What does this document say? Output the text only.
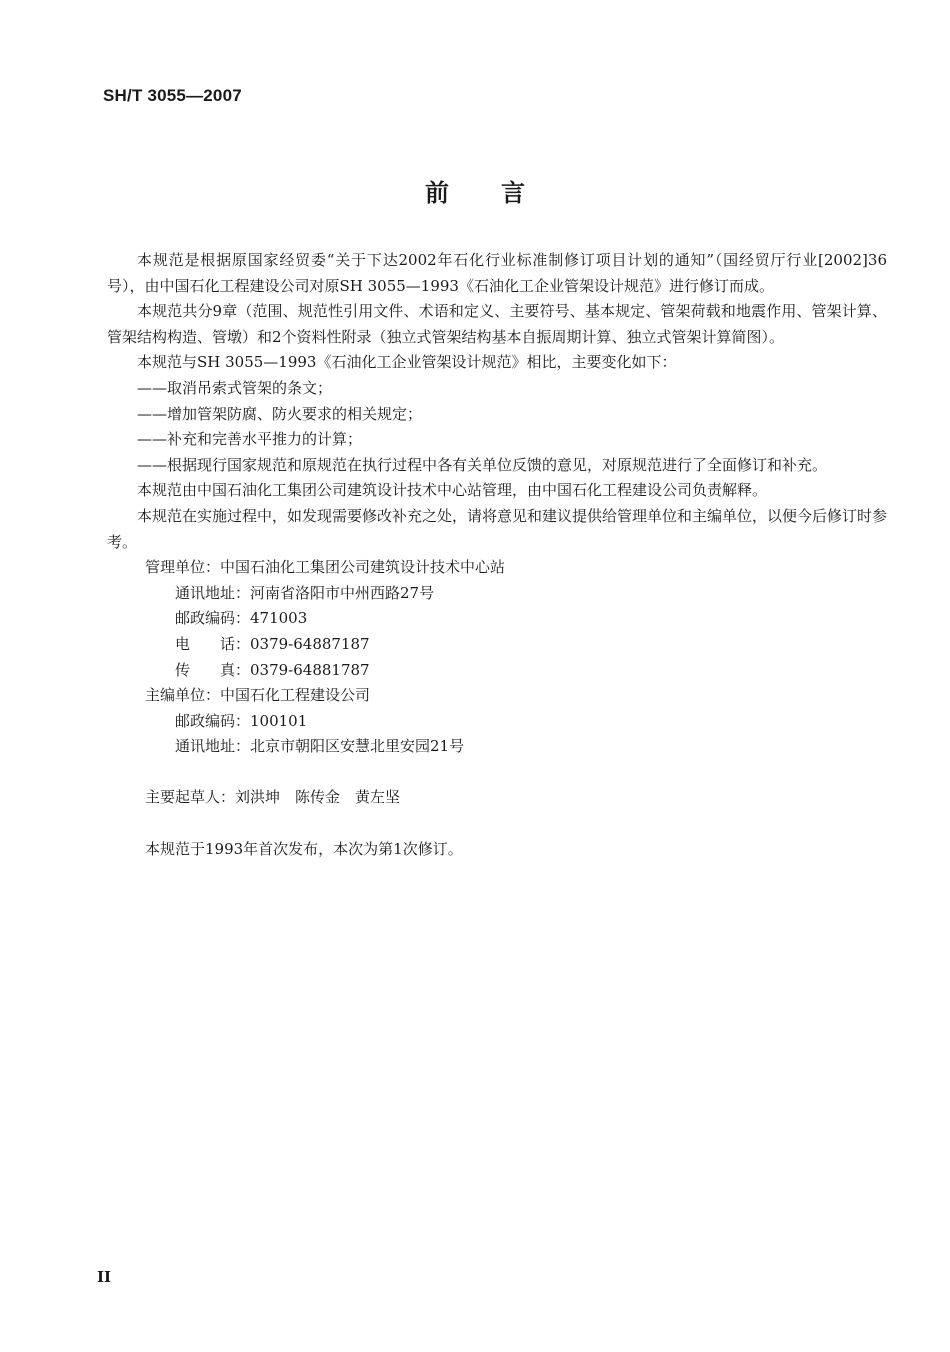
SH/T 3055—2007
前言

本规范是根据原国家经贸委“关于下达2002年石化行业标准制修订项目计划的通知”（国经贸厅行业[2002]36号），由中国石化工程建设公司对原SH 3055—1993《石油化工企业管架设计规范》进行修订而成。

本规范共分9章（范围、规范性引用文件、术语和定义、主要符号、基本规定、管架荷载和地震作用、管架计算、管架结构构造、管墩）和2个资料性附录（独立式管架结构基本自振周期计算、独立式管架计算简图）。

本规范与SH 3055—1993《石油化工企业管架设计规范》相比，主要变化如下：

——取消吊索式管架的条文；

——增加管架防腐、防火要求的相关规定；

——补充和完善水平推力的计算；

——根据现行国家规范和原规范在执行过程中各有关单位反馈的意见，对原规范进行了全面修订和补充。

本规范由中国石油化工集团公司建筑设计技术中心站管理，由中国石化工程建设公司负责解释。

本规范在实施过程中，如发现需要修改补充之处，请将意见和建议提供给管理单位和主编单位，以便今后修订时参考。

管理单位：中国石油化工集团公司建筑设计技术中心站

通讯地址：河南省洛阳市中州西路27号

邮政编码：471003

电　　话：0379-64887187

传　　真：0379-64881787

主编单位：中国石化工程建设公司

邮政编码：100101

通讯地址：北京市朝阳区安慧北里安园21号

主要起草人：刘洪坤　陈传金　黄左坚

本规范于1993年首次发布，本次为第1次修订。

II
